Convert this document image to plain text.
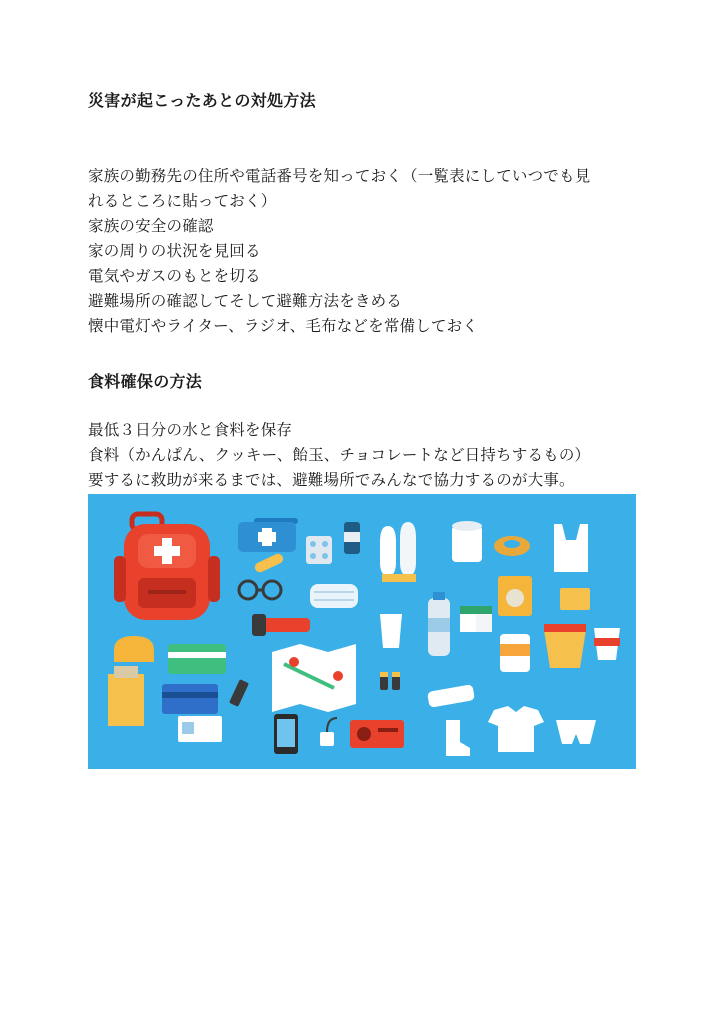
災害が起こったあとの対処方法
家族の勤務先の住所や電話番号を知っておく（一覧表にしていつでも見
れるところに貼っておく）
家族の安全の確認
家の周りの状況を見回る
電気やガスのもとを切る
避難場所の確認してそして避難方法をきめる
懐中電灯やライター、ラジオ、毛布などを常備しておく
食料確保の方法
最低３日分の水と食料を保存
食料（かんぱん、クッキー、飴玉、チョコレートなど日持ちするもの）
要するに救助が来るまでは、避難場所でみんなで協力するのが大事。
